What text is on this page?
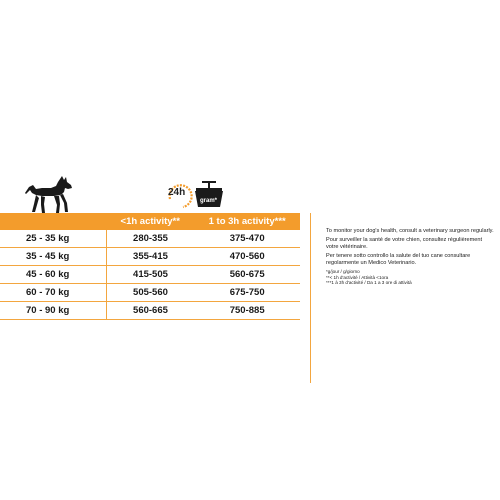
24h
gram*
	<1h activity**	1 to 3h activity***
25 - 35 kg	280-355	375-470
35 - 45 kg	355-415	470-560
45 - 60 kg	415-505	560-675
60 - 70 kg	505-560	675-750
70 - 90 kg	560-665	750-885

To monitor your dog's health, consult a veterinary surgeon regularly.

Pour surveiller la santé de votre chien, consultez régulièrement votre vétérinaire.

Per tenere sotto controllo la salute del tuo cane consultare regolarmente un Medico Veterinario.

*g/jour / g/giorno

**< 1h d'activité / Attività <1ora

***1 à 3h d'activité / Da 1 a 3 ore di attività
